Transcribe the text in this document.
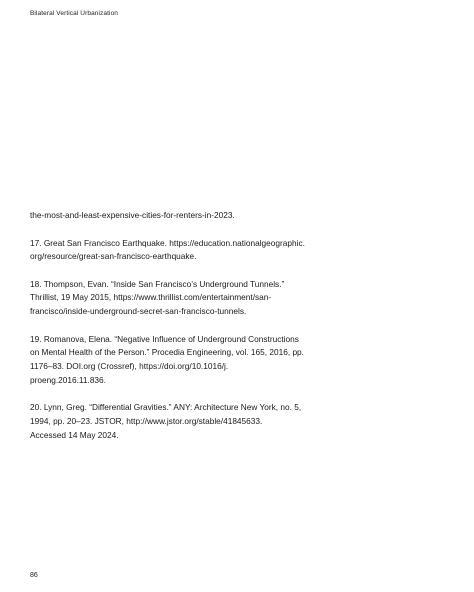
Bilateral Vertical Urbanization
the-most-and-least-expensive-cities-for-renters-in-2023.
17. Great San Francisco Earthquake. https://education.nationalgeographic.
org/resource/great-san-francisco-earthquake.
18. Thompson, Evan. “Inside San Francisco’s Underground Tunnels.”
Thrillist, 19 May 2015, https://www.thrillist.com/entertainment/san-
francisco/inside-underground-secret-san-francisco-tunnels.
19. Romanova, Elena. “Negative Influence of Underground Constructions
on Mental Health of the Person.” Procedia Engineering, vol. 165, 2016, pp.
1176–83. DOI.org (Crossref), https://doi.org/10.1016/j.
proeng.2016.11.836.
20. Lynn, Greg. “Differential Gravities.” ANY: Architecture New York, no. 5,
1994, pp. 20–23. JSTOR, http://www.jstor.org/stable/41845633.
Accessed 14 May 2024.
86
